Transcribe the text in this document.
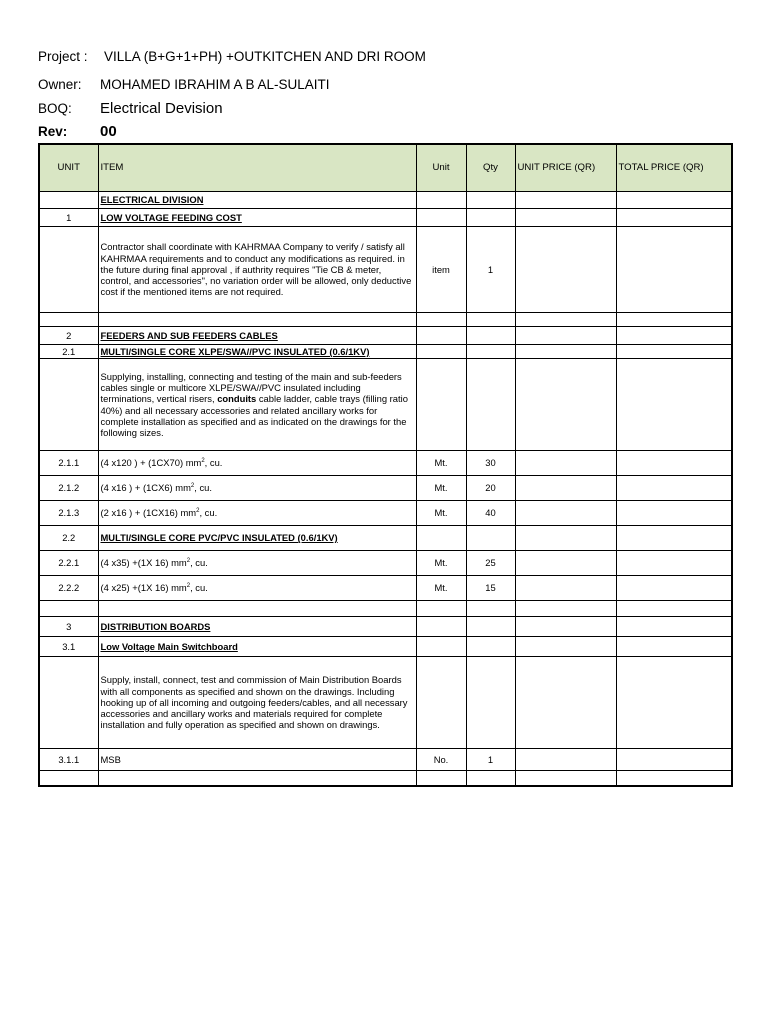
Project : VILLA (B+G+1+PH) +OUTKITCHEN AND DRI ROOM
Owner: MOHAMED IBRAHIM A B AL-SULAITI
BOQ: Electrical Devision
Rev: 00
UNIT	ITEM	Unit	Qty	UNIT PRICE (QR)	TOTAL PRICE (QR)
	ELECTRICAL DIVISION				
1	LOW VOLTAGE FEEDING COST				
	Contractor shall coordinate with KAHRMAA Company to verify / satisfy all KAHRMAA requirements and to conduct any modifications as required. in the future during final approval , if authrity requires "Tie CB & meter, control, and accessories", no variation order will be allowed, only deductive cost if the mentioned items are not required.	item	1		

2	FEEDERS AND SUB FEEDERS CABLES				
2.1	MULTI/SINGLE CORE XLPE/SWA//PVC INSULATED (0.6/1KV)				
	Supplying, installing, connecting and testing of the main and sub-feeders cables single or multicore XLPE/SWA//PVC insulated including terminations, vertical risers, conduits cable ladder, cable trays (filling ratio 40%) and all necessary accessories and related ancillary works for complete installation as specified and as indicated on the drawings for the following sizes.				
2.1.1	(4 x120 ) + (1CX70) $mm^2$, cu.	Mt.	30		
2.1.2	(4 x16 ) + (1CX6) $mm^2$, cu.	Mt.	20		
2.1.3	(2 x16 ) + (1CX16) $mm^2$, cu.	Mt.	40		
2.2	MULTI/SINGLE CORE PVC/PVC INSULATED (0.6/1KV)				
2.2.1	(4 x35) +(1X 16) $mm^2$, cu.	Mt.	25		
2.2.2	(4 x25) +(1X 16) $mm^2$, cu.	Mt.	15		

3	DISTRIBUTION BOARDS				
3.1	Low Voltage Main Switchboard				
	Supply, install, connect, test and commission of Main Distribution Boards with all components as specified and shown on the drawings. Including hooking up of all incoming and outgoing feeders/cables, and all necessary accessories and ancillary works and materials required for complete installation and fully operation as specified and shown on drawings.				
3.1.1	MSB	No.	1		
